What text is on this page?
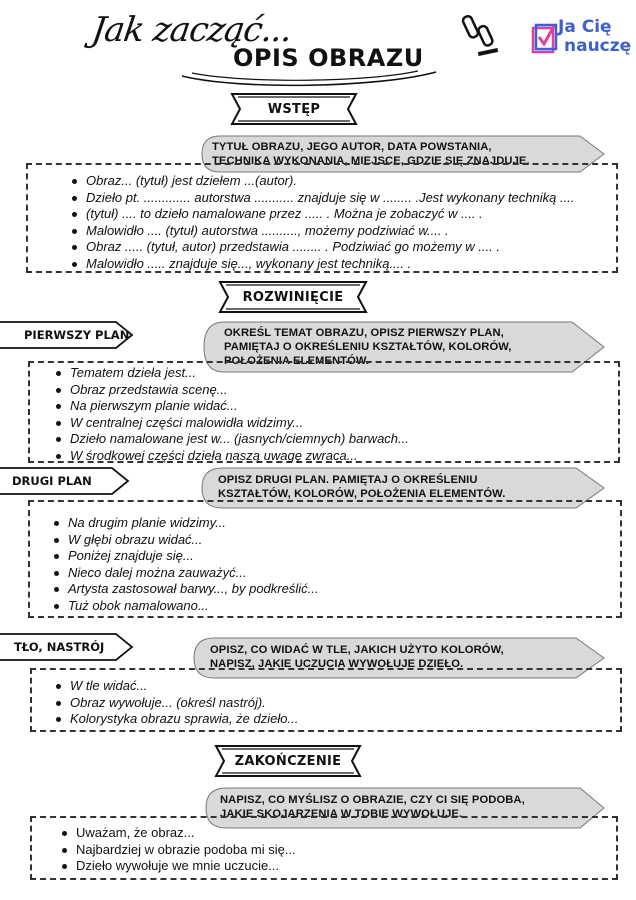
Jak zacząć...
OPIS OBRAZU
Ja Cię
nauczę
WSTĘP
TYTUŁ OBRAZU, JEGO AUTOR, DATA POWSTANIA,
TECHNIKA WYKONANIA, MIEJSCE, GDZIE SIĘ ZNAJDUJE.
Obraz... (tytuł) jest dziełem ...(autor).
Dzieło pt. ............. autorstwa ........... znajduje się w ........ .Jest wykonany techniką ....
(tytuł) .... to dzieło namalowane przez ..... . Można je zobaczyć w .... .
Malowidło .... (tytuł) autorstwa .........., możemy podziwiać w.... .
Obraz ..... (tytuł, autor) przedstawia ........ . Podziwiać go możemy w .... .
Malowidło ..... znajduje się..., wykonany jest techniką.... .
ROZWINIĘCIE
PIERWSZY PLAN	OKREŚL TEMAT OBRAZU, OPISZ PIERWSZY PLAN,
PAMIĘTAJ O OKREŚLENIU KSZTAŁTÓW, KOLORÓW,
POŁOŻENIA ELEMENTÓW.
Tematem dzieła jest...
Obraz przedstawia scenę...
Na pierwszym planie widać...
W centralnej części malowidła widzimy...
Dzieło namalowane jest w... (jasnych/ciemnych) barwach...
W środkowej części dzieła naszą uwagę zwraca...
DRUGI PLAN	OPISZ DRUGI PLAN. PAMIĘTAJ O OKREŚLENIU
KSZTAŁTÓW, KOLORÓW, POŁOŻENIA ELEMENTÓW.
Na drugim planie widzimy...
W głębi obrazu widać...
Poniżej znajduje się...
Nieco dalej można zauważyć...
Artysta zastosował barwy..., by podkreślić...
Tuż obok namalowano...
TŁO, NASTRÓJ	OPISZ, CO WIDAĆ W TLE, JAKICH UŻYTO KOLORÓW,
NAPISZ, JAKIE UCZUCIA WYWOŁUJE DZIEŁO.
W tle widać...
Obraz wywołuje... (określ nastrój).
Kolorystyka obrazu sprawia, że dzieło...
ZAKOŃCZENIE
NAPISZ, CO MYŚLISZ O OBRAZIE, CZY CI SIĘ PODOBA,
JAKIE SKOJARZENIA W TOBIE WYWOŁUJE.
Uważam, że obraz...
Najbardziej w obrazie podoba mi się...
Dzieło wywołuje we mnie uczucie...
